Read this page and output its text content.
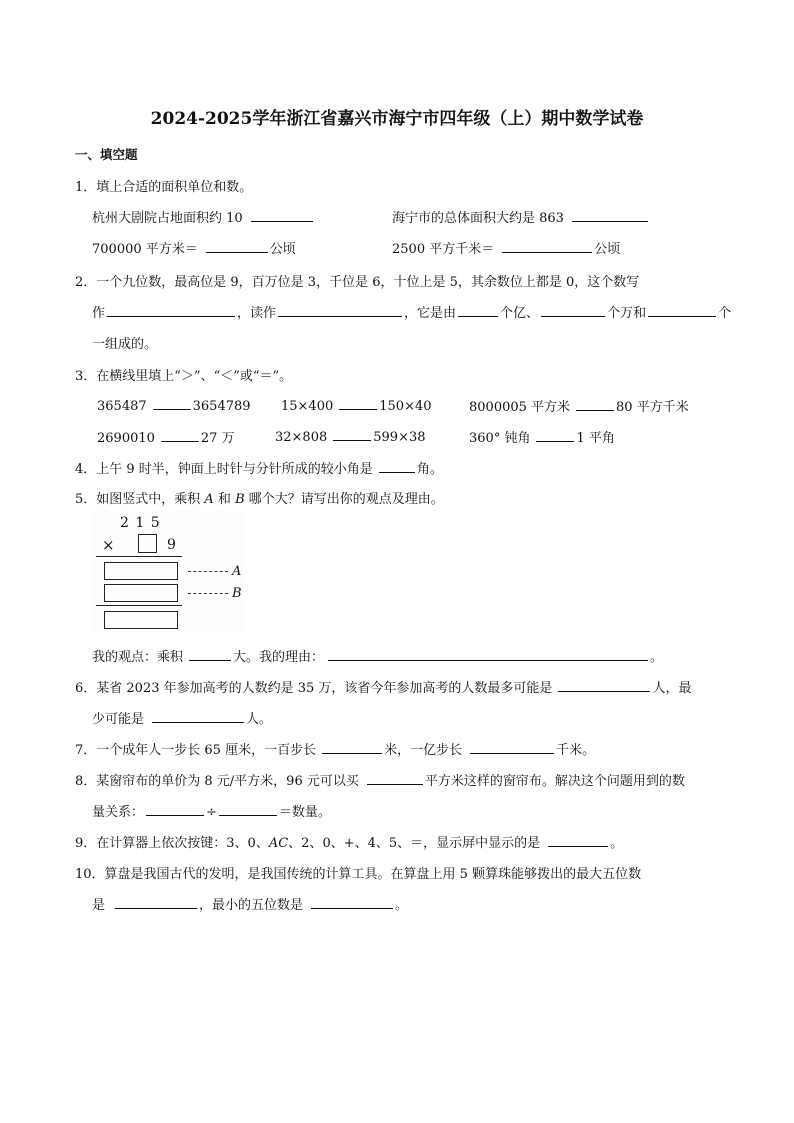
2024-2025学年浙江省嘉兴市海宁市四年级（上）期中数学试卷
一、填空题
1．填上合适的面积单位和数。
杭州大剧院占地面积约 10	海宁市的总体面积大约是 863
700000 平方米＝	公顷	2500 平方千米＝	公顷
2．一个九位数，最高位是 9，百万位是 3，千位是 6，十位上是 5，其余数位上都是 0，这个数写
作	，读作	，它是由	个亿、	个万和	个
一组成的。
3．在横线里填上“＞”、“＜”或“＝”。
365487	3654789 15×400	150×40	8000005 平方米	80 平方千米
2690010	27 万	32×808	599×38	360° 钝角	1 平角
4．上午 9 时半，钟面上时针与分针所成的较小角是	角。
5．如图竖式中，乘积 A 和 B 哪个大？请写出你的观点及理由。
2 1 5
×	9
A
B
我的观点：乘积	大。我的理由：	。
6．某省 2023 年参加高考的人数约是 35 万，该省今年参加高考的人数最多可能是	人，最
少可能是	人。
7．一个成年人一步长 65 厘米，一百步长	米，一亿步长	千米。
8．某窗帘布的单价为 8 元/平方米，96 元可以买	平方米这样的窗帘布。解决这个问题用到的数
量关系：	÷	＝数量。
9．在计算器上依次按键：3、0、AC、2、0、+、4、5、＝，显示屏中显示的是	。
10．算盘是我国古代的发明，是我国传统的计算工具。在算盘上用 5 颗算珠能够拨出的最大五位数
是	，最小的五位数是	。
